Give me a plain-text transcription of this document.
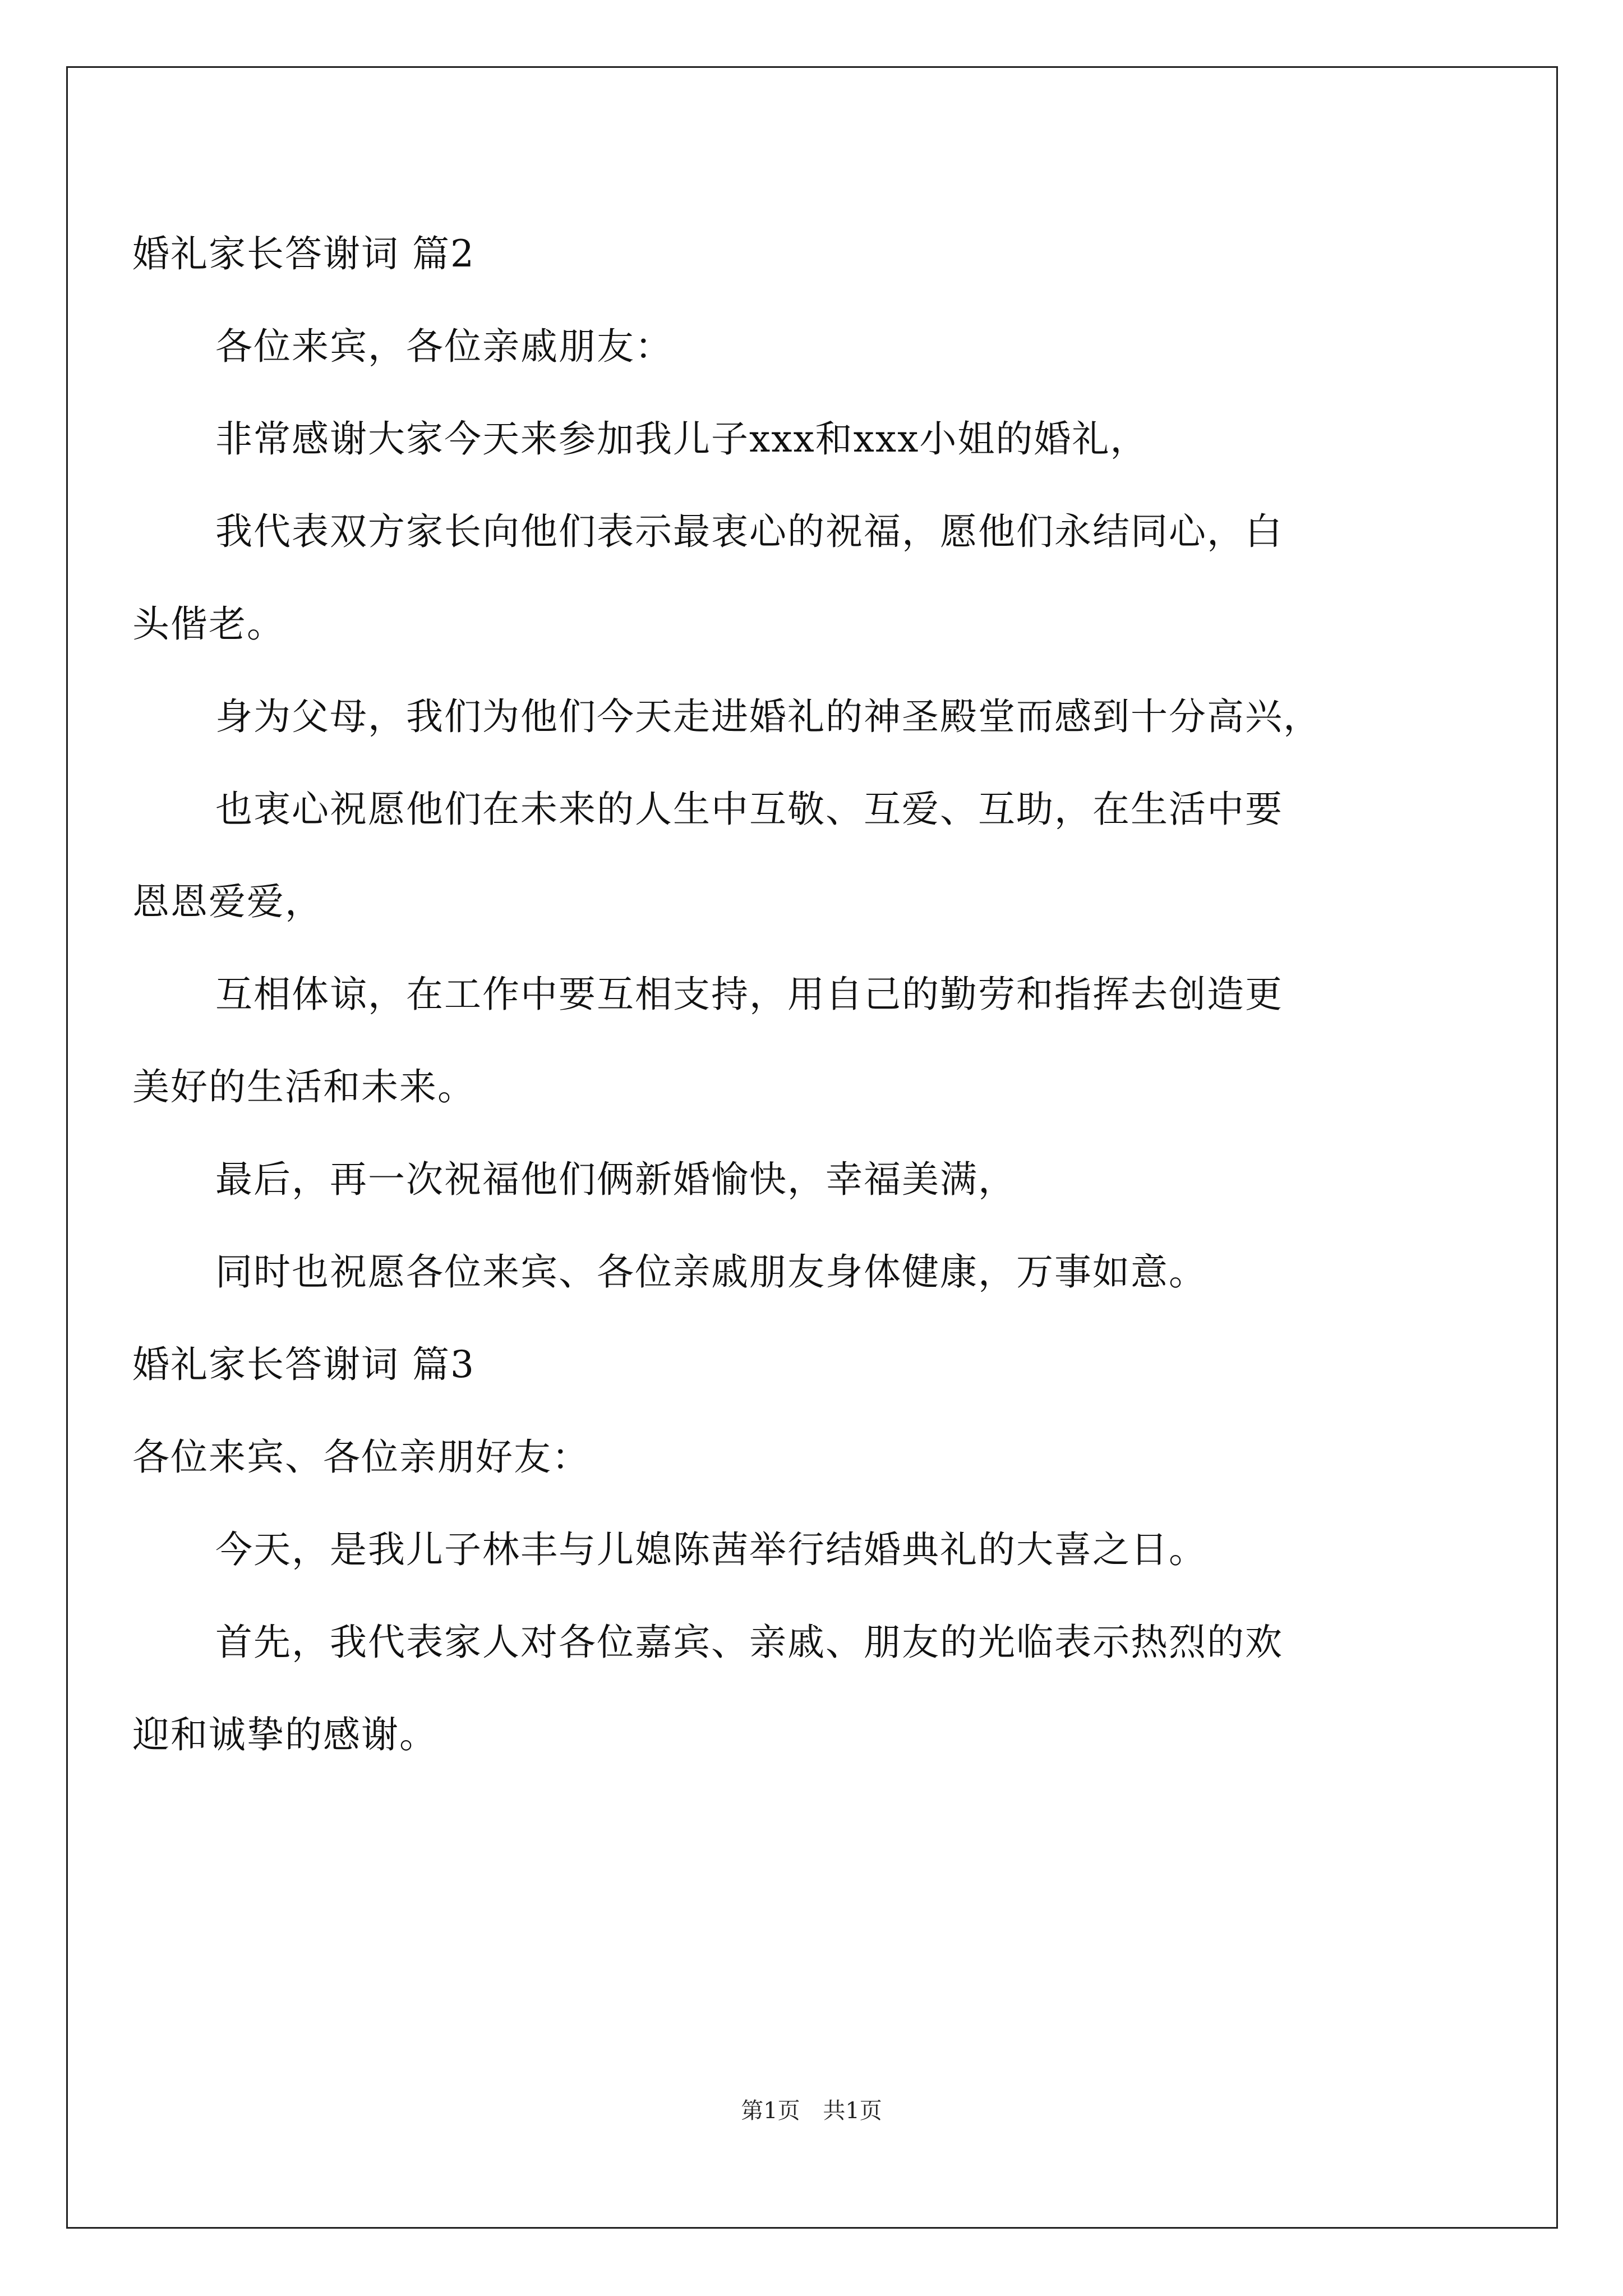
婚礼家长答谢词 篇2
各位来宾，各位亲戚朋友：
非常感谢大家今天来参加我儿子xxx和xxx小姐的婚礼，
我代表双方家长向他们表示最衷心的祝福，愿他们永结同心，白
头偕老。
身为父母，我们为他们今天走进婚礼的神圣殿堂而感到十分高兴，
也衷心祝愿他们在未来的人生中互敬、互爱、互助，在生活中要
恩恩爱爱，
互相体谅，在工作中要互相支持，用自己的勤劳和指挥去创造更
美好的生活和未来。
最后，再一次祝福他们俩新婚愉快，幸福美满，
同时也祝愿各位来宾、各位亲戚朋友身体健康，万事如意。
婚礼家长答谢词 篇3
各位来宾、各位亲朋好友：
今天，是我儿子林丰与儿媳陈茜举行结婚典礼的大喜之日。
首先，我代表家人对各位嘉宾、亲戚、朋友的光临表示热烈的欢
迎和诚挚的感谢。
第1页 共1页
